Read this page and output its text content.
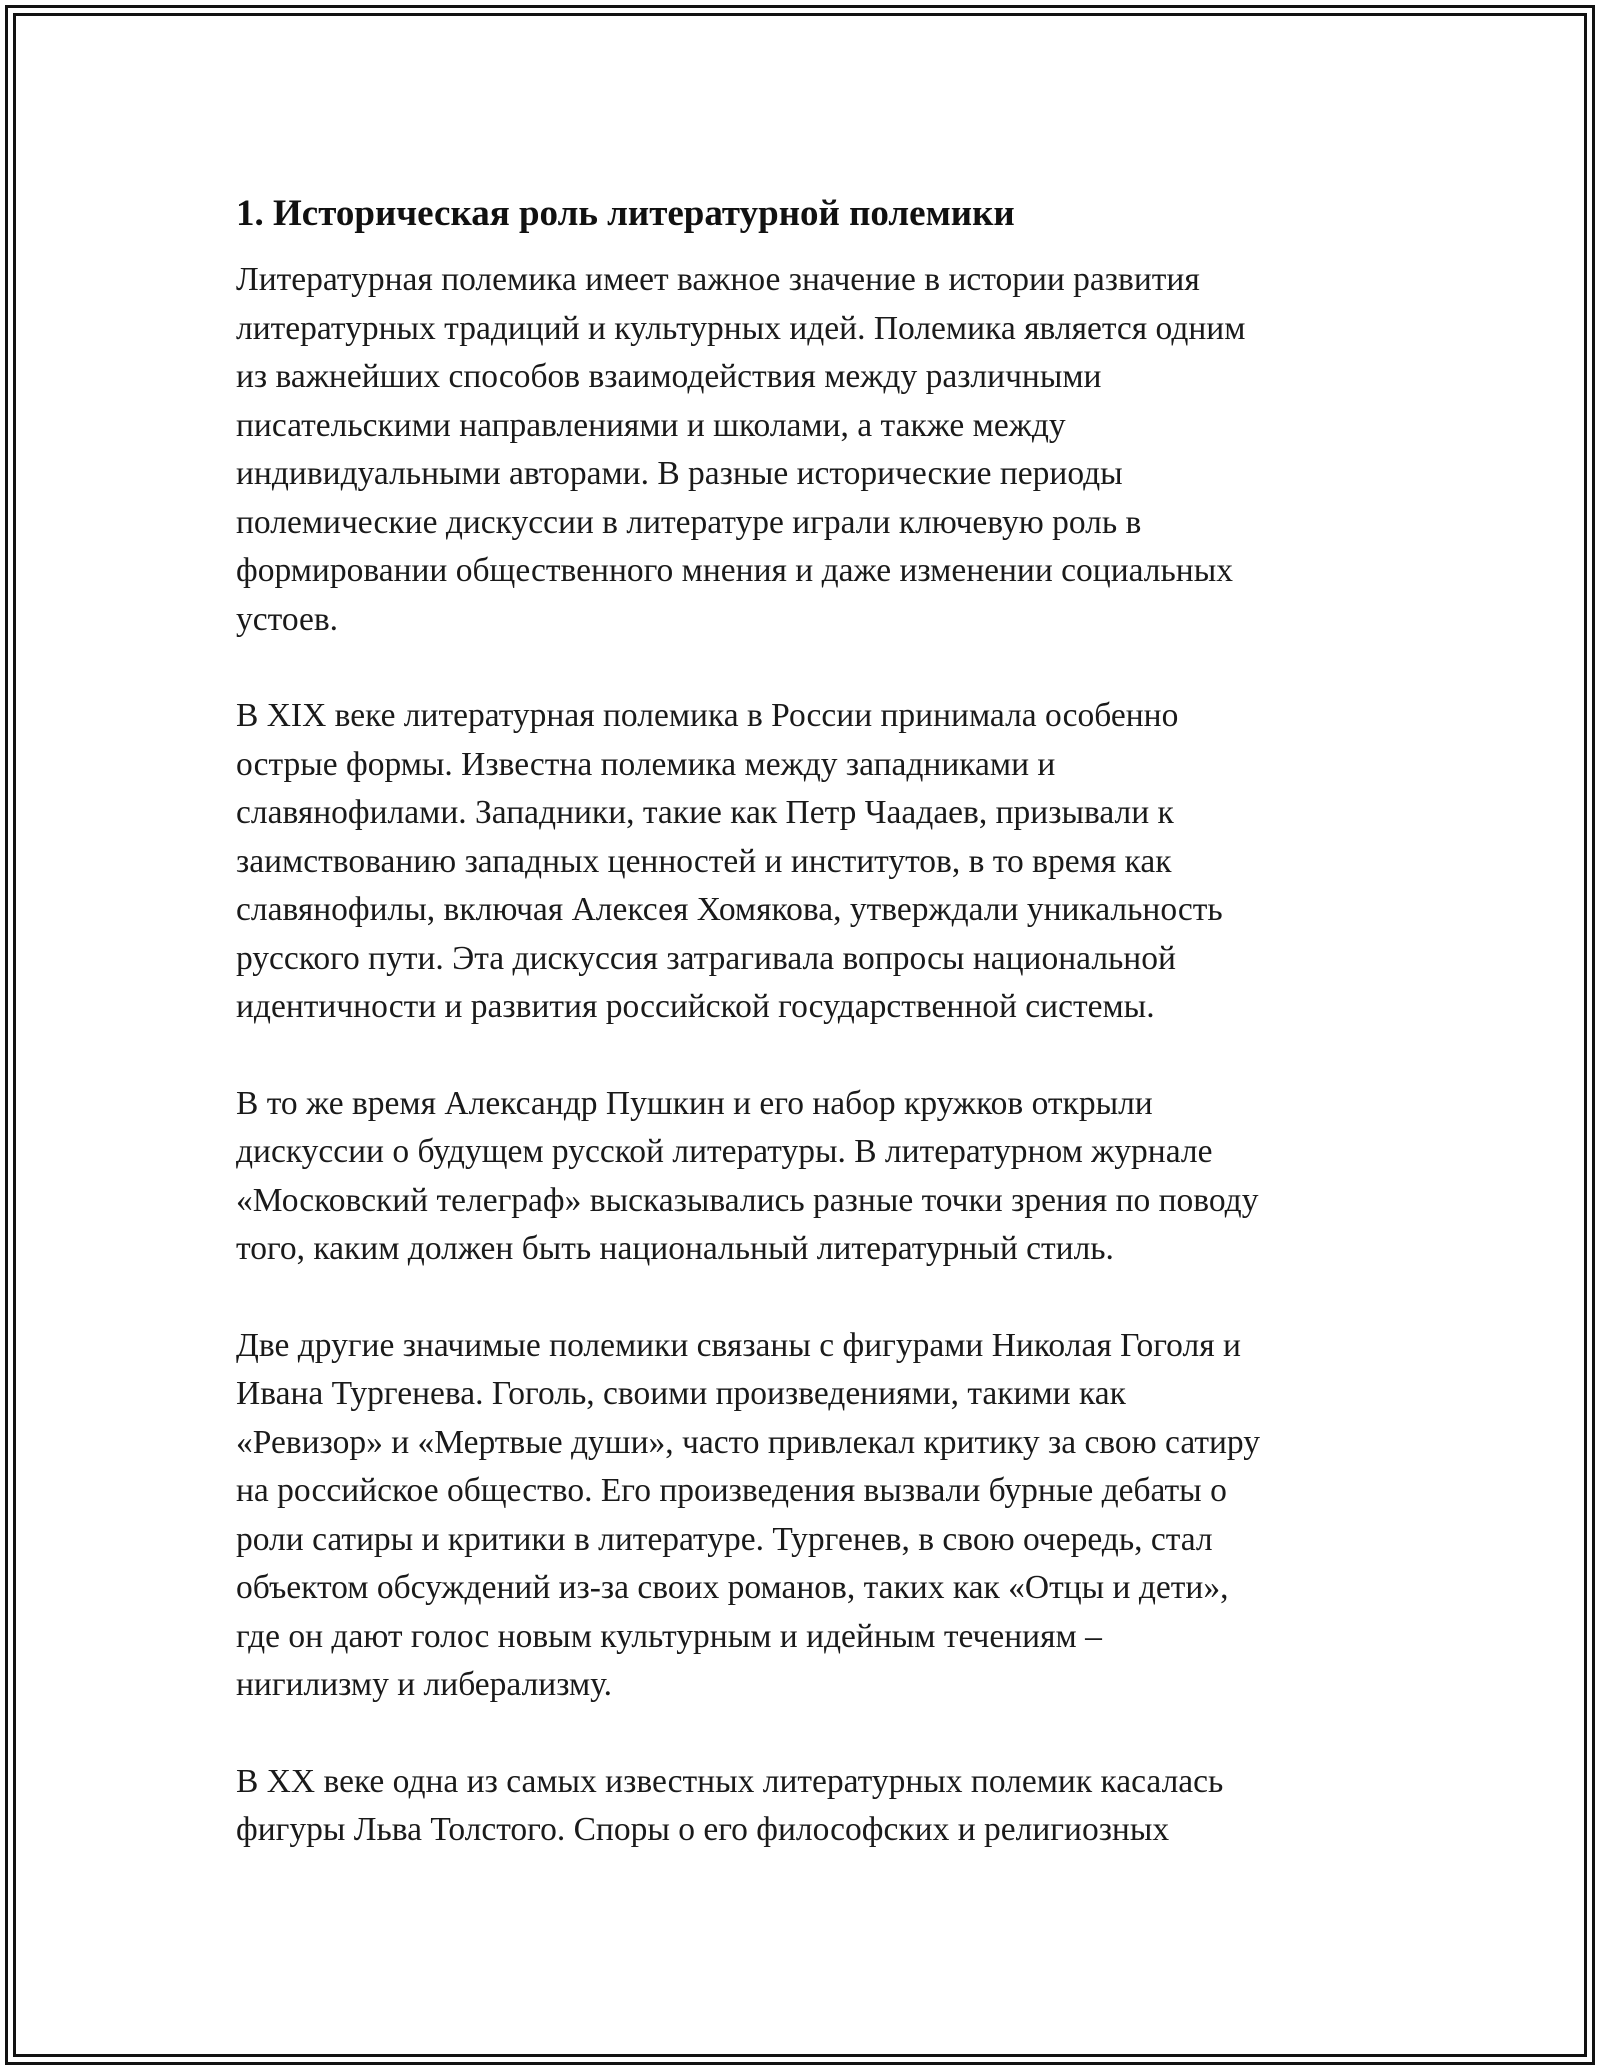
1. Историческая роль литературной полемики

Литературная полемика имеет важное значение в истории развития
литературных традиций и культурных идей. Полемика является одним
из важнейших способов взаимодействия между различными
писательскими направлениями и школами, а также между
индивидуальными авторами. В разные исторические периоды
полемические дискуссии в литературе играли ключевую роль в
формировании общественного мнения и даже изменении социальных
устоев.

В XIX веке литературная полемика в России принимала особенно
острые формы. Известна полемика между западниками и
славянофилами. Западники, такие как Петр Чаадаев, призывали к
заимствованию западных ценностей и институтов, в то время как
славянофилы, включая Алексея Хомякова, утверждали уникальность
русского пути. Эта дискуссия затрагивала вопросы национальной
идентичности и развития российской государственной системы.

В то же время Александр Пушкин и его набор кружков открыли
дискуссии о будущем русской литературы. В литературном журнале
«Московский телеграф» высказывались разные точки зрения по поводу
того, каким должен быть национальный литературный стиль.

Две другие значимые полемики связаны с фигурами Николая Гоголя и
Ивана Тургенева. Гоголь, своими произведениями, такими как
«Ревизор» и «Мертвые души», часто привлекал критику за свою сатиру
на российское общество. Его произведения вызвали бурные дебаты о
роли сатиры и критики в литературе. Тургенев, в свою очередь, стал
объектом обсуждений из-за своих романов, таких как «Отцы и дети»,
где он дают голос новым культурным и идейным течениям –
нигилизму и либерализму.

В XX веке одна из самых известных литературных полемик касалась
фигуры Льва Толстого. Споры о его философских и религиозных
